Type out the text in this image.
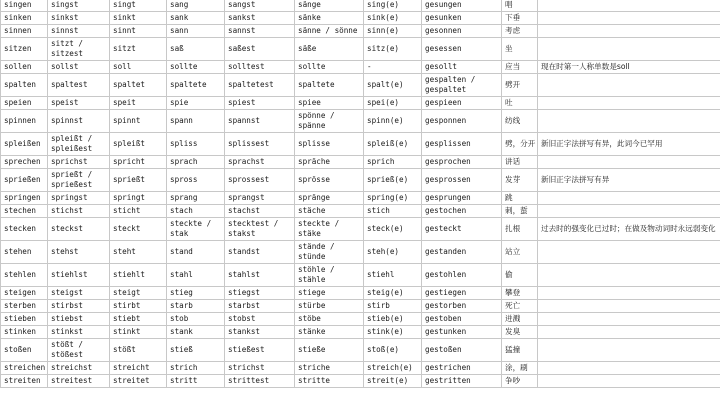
singen	singst	singt	sang	sangst	sänge	sing(e)	gesungen	唱	
sinken	sinkst	sinkt	sank	sankst	sänke	sink(e)	gesunken	下垂	
sinnen	sinnst	sinnt	sann	sannst	sänne / sönne	sinn(e)	gesonnen	考虑	
sitzen	sitzt / sitzest	sitzt	saß	saßest	säße	sitz(e)	gesessen	坐	
sollen	sollst	soll	sollte	solltest	sollte	-	gesollt	应当	现在时第一人称单数是soll
spalten	spaltest	spaltet	spaltete	spaltetest	spaltete	spalt(e)	gespalten / gespaltet	劈开	
speien	speist	speit	spie	spiest	spiee	spei(e)	gespieen	吐	
spinnen	spinnst	spinnt	spann	spannst	spönne / spänne	spinn(e)	gesponnen	纺线	
spleißen	spleißt / spleißest	spleißt	spliss	splissest	splisse	spleiß(e)	gesplissen	劈，分开	新旧正字法拼写有异，此词今已罕用
sprechen	sprichst	spricht	sprach	sprachst	spräche	sprich	gesprochen	讲话	
sprießen	sprießt / sprießest	sprießt	spross	sprossest	sprösse	sprieß(e)	gesprossen	发芽	新旧正字法拼写有异
springen	springst	springt	sprang	sprangst	spränge	spring(e)	gesprungen	跳	
stechen	stichst	sticht	stach	stachst	stäche	stich	gestochen	刺，蜇	
stecken	steckst	steckt	steckte / stak	stecktest / stakst	steckte / stäke	steck(e)	gesteckt	扎根	过去时的强变化已过时；在做及物动词时永远弱变化
stehen	stehst	steht	stand	standst	stände / stünde	steh(e)	gestanden	站立	
stehlen	stiehlst	stiehlt	stahl	stahlst	stöhle / stähle	stiehl	gestohlen	偷	
steigen	steigst	steigt	stieg	stiegst	stiege	steig(e)	gestiegen	攀登	
sterben	stirbst	stirbt	starb	starbst	stürbe	stirb	gestorben	死亡	
stieben	stiebst	stiebt	stob	stobst	stöbe	stieb(e)	gestoben	迸溅	
stinken	stinkst	stinkt	stank	stankst	stänke	stink(e)	gestunken	发臭	
stoßen	stößt / stößest	stößt	stieß	stießest	stieße	stoß(e)	gestoßen	猛撞	
streichen	streichst	streicht	strich	strichst	striche	streich(e)	gestrichen	涂，刷	
streiten	streitest	streitet	stritt	strittest	stritte	streit(e)	gestritten	争吵	
